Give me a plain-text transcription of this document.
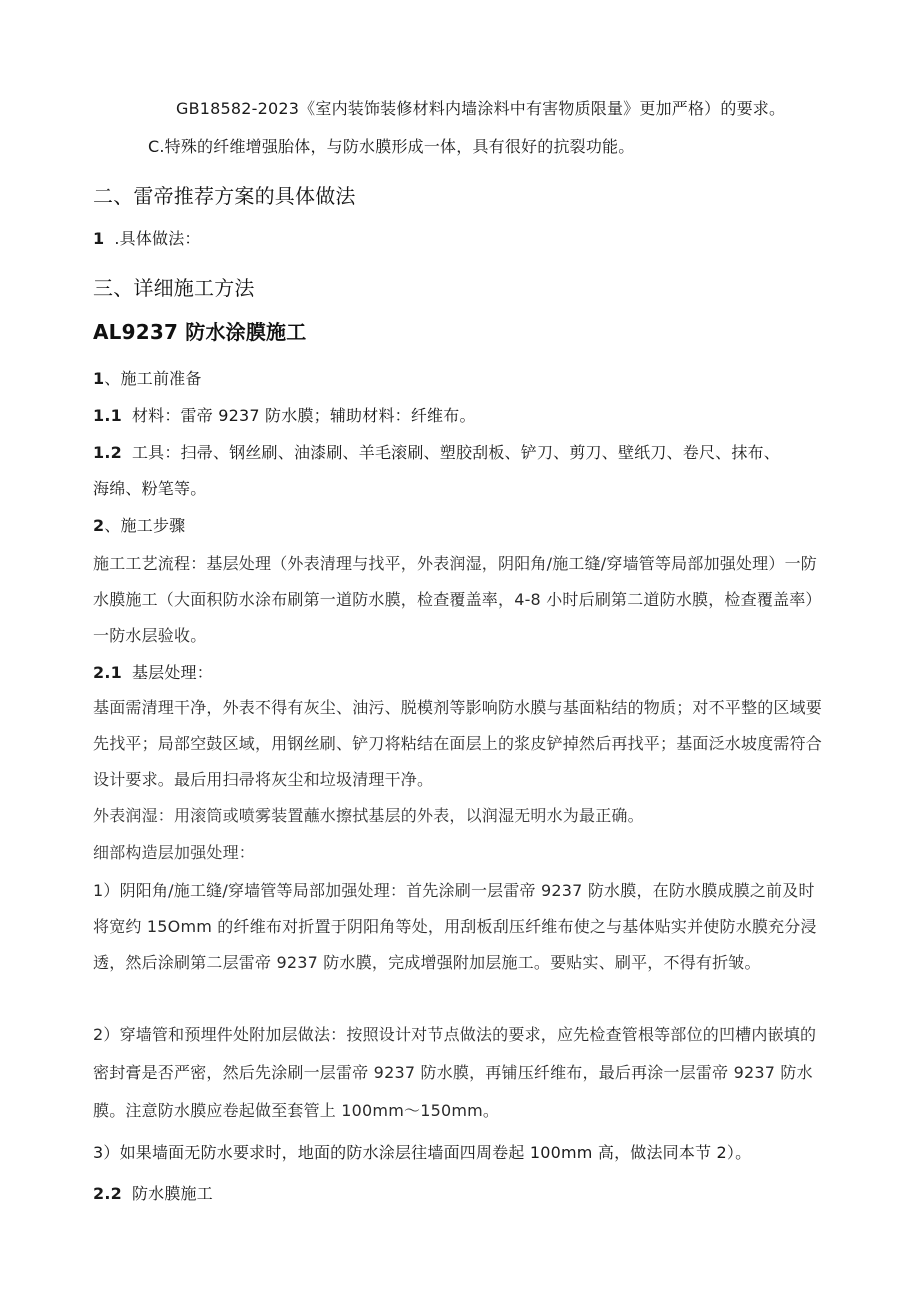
GB18582-2023《室内装饰装修材料内墙涂料中有害物质限量》更加严格）的要求。
C.特殊的纤维增强胎体，与防水膜形成一体，具有很好的抗裂功能。
二、雷帝推荐方案的具体做法
1 .具体做法：
三、详细施工方法
AL9237 防水涂膜施工
1、施工前准备
1.1 材料：雷帝 9237 防水膜；辅助材料：纤维布。
1.2 工具：扫帚、钢丝刷、油漆刷、羊毛滚刷、塑胶刮板、铲刀、剪刀、壁纸刀、卷尺、抹布、
海绵、粉笔等。
2、施工步骤
施工工艺流程：基层处理（外表清理与找平，外表润湿，阴阳角/施工缝/穿墙管等局部加强处理）一防水膜施工（大面积防水涂布刷第一道防水膜，检查覆盖率，4-8 小时后刷第二道防水膜，检查覆盖率）一防水层验收。
2.1 基层处理：
基面需清理干净，外表不得有灰尘、油污、脱模剂等影响防水膜与基面粘结的物质；对不平整的区域要先找平；局部空鼓区域，用钢丝刷、铲刀将粘结在面层上的浆皮铲掉然后再找平；基面泛水坡度需符合设计要求。最后用扫帚将灰尘和垃圾清理干净。
外表润湿：用滚筒或喷雾装置蘸水擦拭基层的外表，以润湿无明水为最正确。
细部构造层加强处理：
1）阴阳角/施工缝/穿墙管等局部加强处理：首先涂刷一层雷帝 9237 防水膜，在防水膜成膜之前及时将宽约 15Omm 的纤维布对折置于阴阳角等处，用刮板刮压纤维布使之与基体贴实并使防水膜充分浸透，然后涂刷第二层雷帝 9237 防水膜，完成增强附加层施工。要贴实、刷平，不得有折皱。
2）穿墙管和预埋件处附加层做法：按照设计对节点做法的要求，应先检查管根等部位的凹槽内嵌填的密封膏是否严密，然后先涂刷一层雷帝 9237 防水膜，再铺压纤维布，最后再涂一层雷帝 9237 防水膜。注意防水膜应卷起做至套管上 100mm〜150mm。
3）如果墙面无防水要求时，地面的防水涂层往墙面四周卷起 100mm 高，做法同本节 2）。
2.2 防水膜施工
